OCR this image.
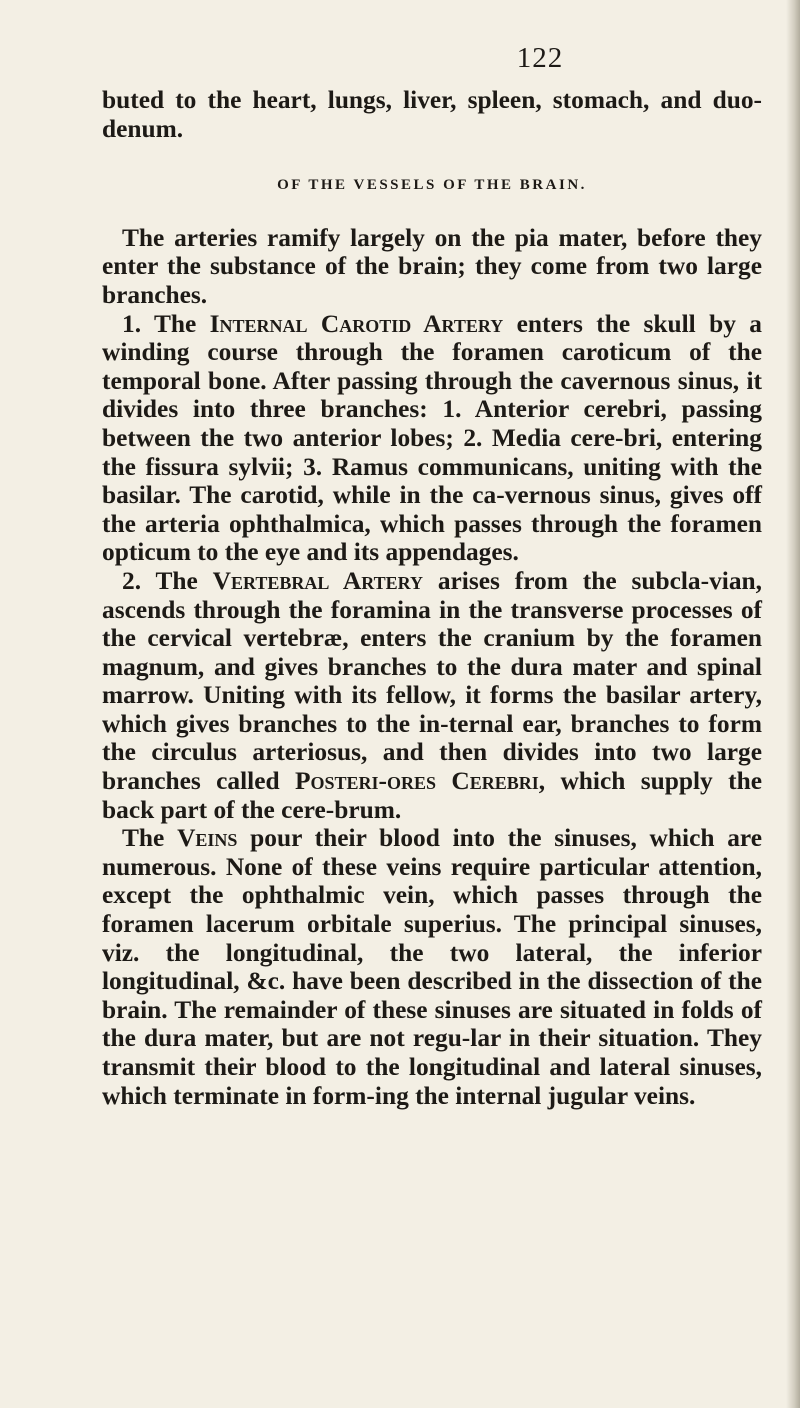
122

buted to the heart, lungs, liver, spleen, stomach, and duo-denum.

OF THE VESSELS OF THE BRAIN.

The arteries ramify largely on the pia mater, before they enter the substance of the brain; they come from two large branches.

1. The Internal Carotid Artery enters the skull by a winding course through the foramen caroticum of the temporal bone. After passing through the cavernous sinus, it divides into three branches: 1. Anterior cerebri, passing between the two anterior lobes; 2. Media cere-bri, entering the fissura sylvii; 3. Ramus communicans, uniting with the basilar. The carotid, while in the ca-vernous sinus, gives off the arteria ophthalmica, which passes through the foramen opticum to the eye and its appendages.

2. The Vertebral Artery arises from the subcla-vian, ascends through the foramina in the transverse processes of the cervical vertebræ, enters the cranium by the foramen magnum, and gives branches to the dura mater and spinal marrow. Uniting with its fellow, it forms the basilar artery, which gives branches to the in-ternal ear, branches to form the circulus arteriosus, and then divides into two large branches called Posteri-ores Cerebri, which supply the back part of the cere-brum.

The Veins pour their blood into the sinuses, which are numerous. None of these veins require particular attention, except the ophthalmic vein, which passes through the foramen lacerum orbitale superius. The principal sinuses, viz. the longitudinal, the two lateral, the inferior longitudinal, &c. have been described in the dissection of the brain. The remainder of these sinuses are situated in folds of the dura mater, but are not regu-lar in their situation. They transmit their blood to the longitudinal and lateral sinuses, which terminate in form-ing the internal jugular veins.
